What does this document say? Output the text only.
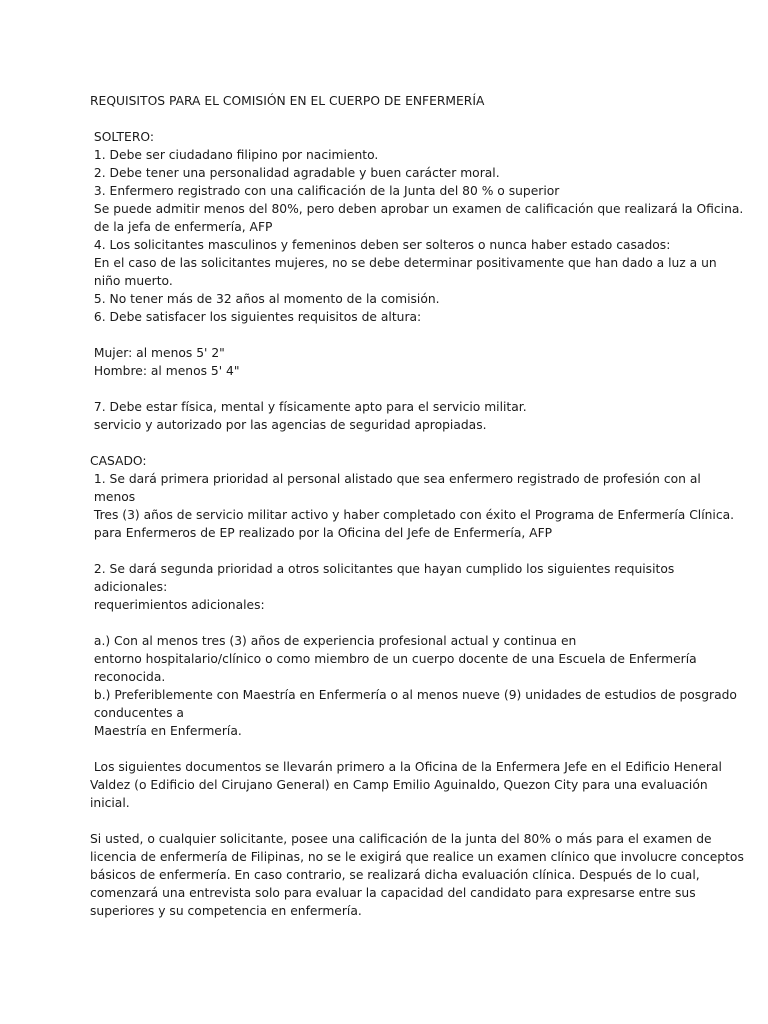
REQUISITOS PARA EL COMISIÓN EN EL CUERPO DE ENFERMERÍA
SOLTERO:
1. Debe ser ciudadano filipino por nacimiento.
2. Debe tener una personalidad agradable y buen carácter moral.
3. Enfermero registrado con una calificación de la Junta del 80 % o superior
Se puede admitir menos del 80%, pero deben aprobar un examen de calificación que realizará la Oficina.
de la jefa de enfermería, AFP
4. Los solicitantes masculinos y femeninos deben ser solteros o nunca haber estado casados:
En el caso de las solicitantes mujeres, no se debe determinar positivamente que han dado a luz a un
niño muerto.
5. No tener más de 32 años al momento de la comisión.
6. Debe satisfacer los siguientes requisitos de altura:
Mujer: al menos 5' 2"
Hombre: al menos 5' 4"
7. Debe estar física, mental y físicamente apto para el servicio militar.
servicio y autorizado por las agencias de seguridad apropiadas.
CASADO:
1. Se dará primera prioridad al personal alistado que sea enfermero registrado de profesión con al
menos
Tres (3) años de servicio militar activo y haber completado con éxito el Programa de Enfermería Clínica.
para Enfermeros de EP realizado por la Oficina del Jefe de Enfermería, AFP
2. Se dará segunda prioridad a otros solicitantes que hayan cumplido los siguientes requisitos
adicionales:
requerimientos adicionales:
a.) Con al menos tres (3) años de experiencia profesional actual y continua en
entorno hospitalario/clínico o como miembro de un cuerpo docente de una Escuela de Enfermería
reconocida.
b.) Preferiblemente con Maestría en Enfermería o al menos nueve (9) unidades de estudios de posgrado
conducentes a
Maestría en Enfermería.
Los siguientes documentos se llevarán primero a la Oficina de la Enfermera Jefe en el Edificio Heneral
Valdez (o Edificio del Cirujano General) en Camp Emilio Aguinaldo, Quezon City para una evaluación
inicial.
Si usted, o cualquier solicitante, posee una calificación de la junta del 80% o más para el examen de
licencia de enfermería de Filipinas, no se le exigirá que realice un examen clínico que involucre conceptos
básicos de enfermería. En caso contrario, se realizará dicha evaluación clínica. Después de lo cual,
comenzará una entrevista solo para evaluar la capacidad del candidato para expresarse entre sus
superiores y su competencia en enfermería.
